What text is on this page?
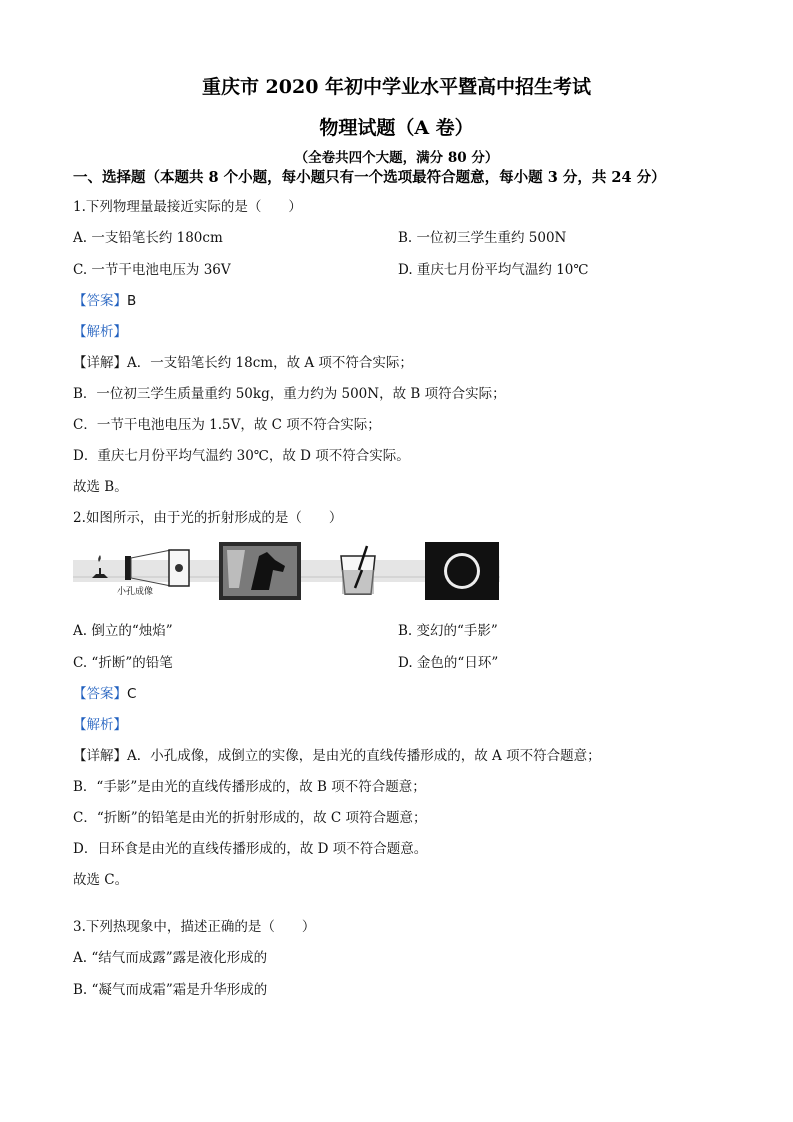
重庆市 2020 年初中学业水平暨高中招生考试
物理试题（A 卷）
（全卷共四个大题，满分 80 分）
一、选择题（本题共 8 个小题，每小题只有一个选项最符合题意，每小题 3 分，共 24 分）
1.下列物理量最接近实际的是（　　）
A. 一支铅笔长约 180cm	B. 一位初三学生重约 500N
C. 一节干电池电压为 36V	D. 重庆七月份平均气温约 10℃
【答案】B
【解析】
【详解】A．一支铅笔长约 18cm，故 A 项不符合实际；
B．一位初三学生质量重约 50kg，重力约为 500N，故 B 项符合实际；
C．一节干电池电压为 1.5V，故 C 项不符合实际；
D．重庆七月份平均气温约 30℃，故 D 项不符合实际。
故选 B。
2.如图所示，由于光的折射形成的是（　　）
小孔成像
A. 倒立的“烛焰”	B. 变幻的“手影”
C. “折断”的铅笔	D. 金色的“日环”
【答案】C
【解析】
【详解】A．小孔成像，成倒立的实像，是由光的直线传播形成的，故 A 项不符合题意；
B．“手影”是由光的直线传播形成的，故 B 项不符合题意；
C．“折断”的铅笔是由光的折射形成的，故 C 项符合题意；
D．日环食是由光的直线传播形成的，故 D 项不符合题意。
故选 C。
3.下列热现象中，描述正确的是（　　）
A. “结气而成露”露是液化形成的
B. “凝气而成霜”霜是升华形成的
